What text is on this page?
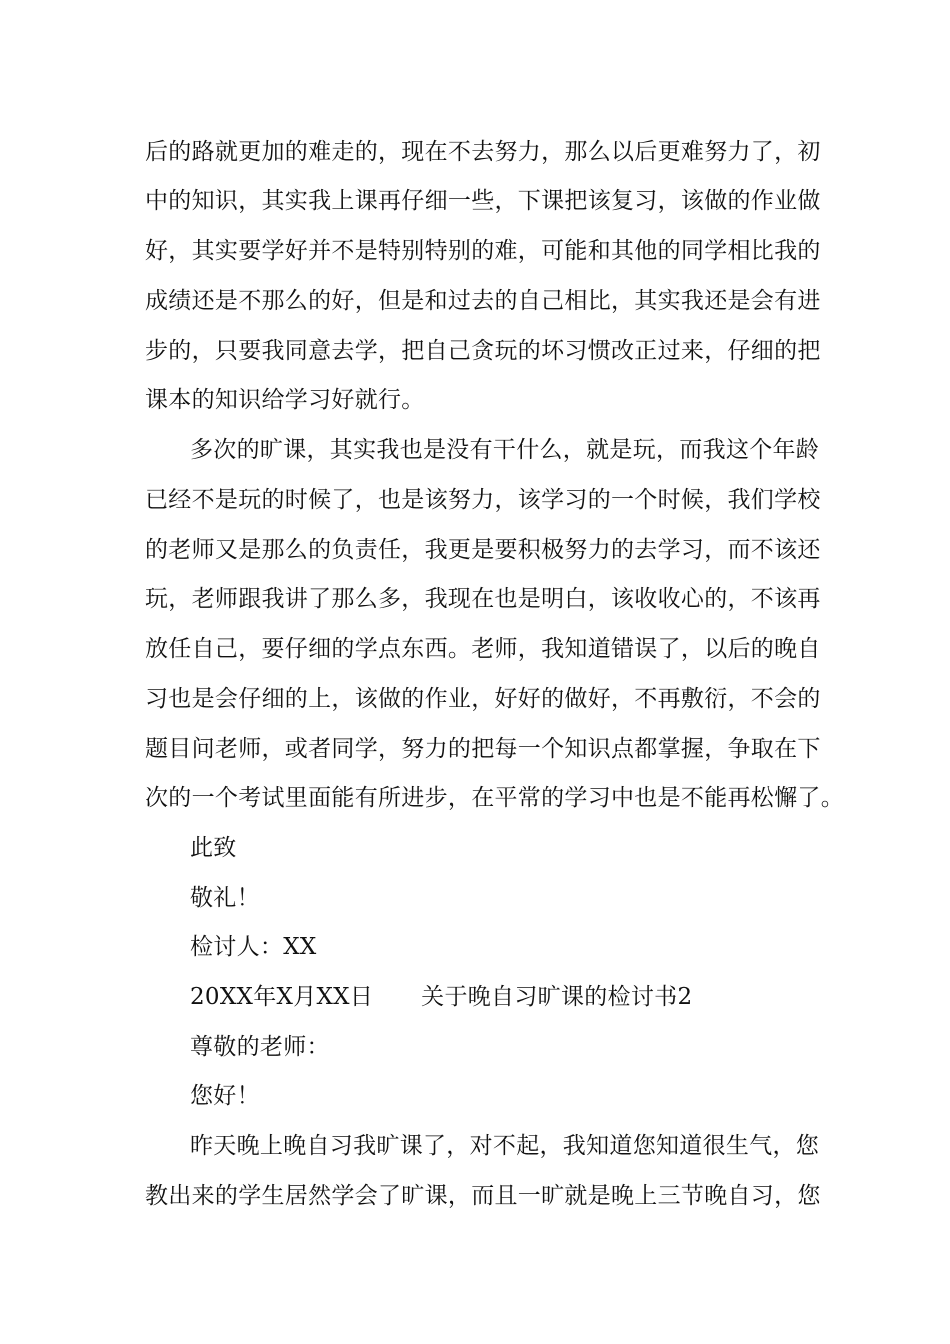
后的路就更加的难走的，现在不去努力，那么以后更难努力了，初
中的知识，其实我上课再仔细一些，下课把该复习，该做的作业做
好，其实要学好并不是特别特别的难，可能和其他的同学相比我的
成绩还是不那么的好，但是和过去的自己相比，其实我还是会有进
步的，只要我同意去学，把自己贪玩的坏习惯改正过来，仔细的把
课本的知识给学习好就行。
多次的旷课，其实我也是没有干什么，就是玩，而我这个年龄
已经不是玩的时候了，也是该努力，该学习的一个时候，我们学校
的老师又是那么的负责任，我更是要积极努力的去学习，而不该还
玩，老师跟我讲了那么多，我现在也是明白，该收收心的，不该再
放任自己，要仔细的学点东西。老师，我知道错误了，以后的晚自
习也是会仔细的上，该做的作业，好好的做好，不再敷衍，不会的
题目问老师，或者同学，努力的把每一个知识点都掌握，争取在下
次的一个考试里面能有所进步，在平常的学习中也是不能再松懈了。
此致
敬礼！
检讨人：XX
20XX年X月XX日 关于晚自习旷课的检讨书2
尊敬的老师：
您好！
昨天晚上晚自习我旷课了，对不起，我知道您知道很生气，您
教出来的学生居然学会了旷课，而且一旷就是晚上三节晚自习，您
